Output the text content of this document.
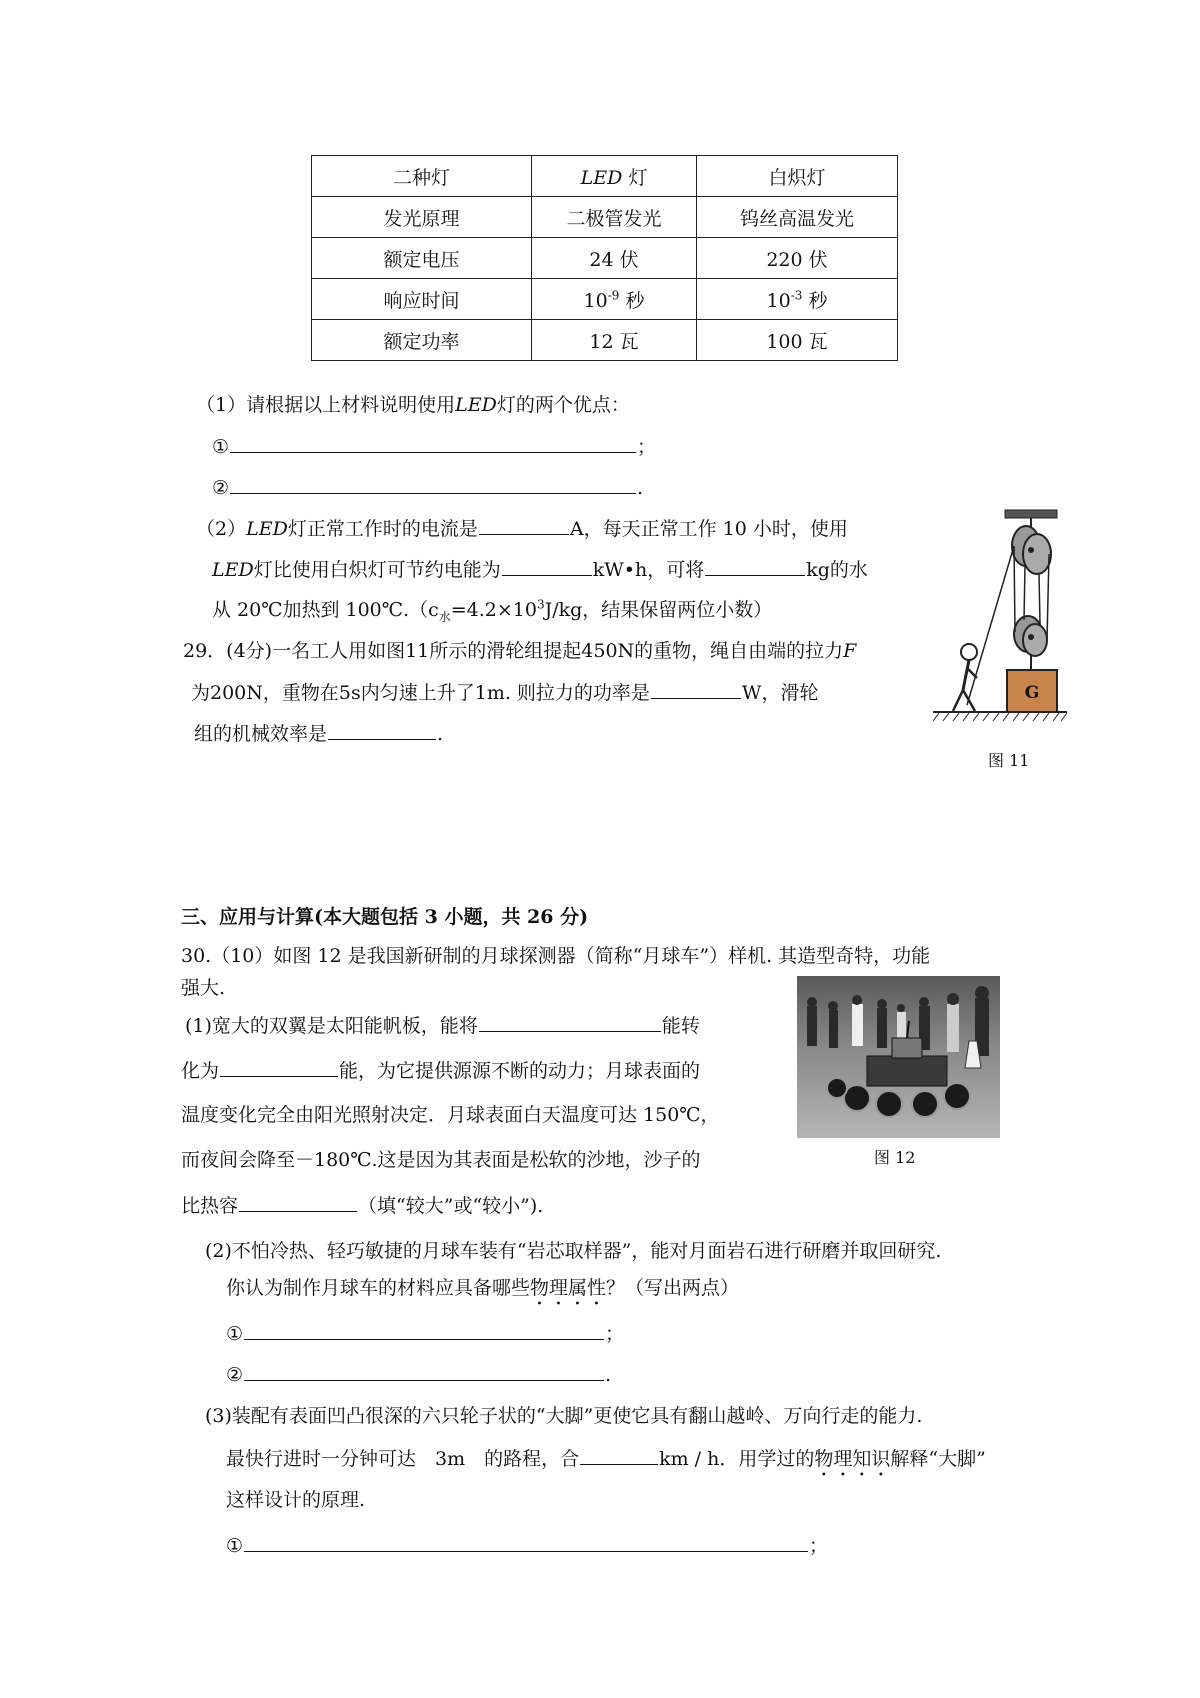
二种灯	LED 灯	白炽灯
发光原理	二极管发光	钨丝高温发光
额定电压	24 伏	220 伏
响应时间	$10^{-9}$ 秒	$10^{-3}$ 秒
额定功率	12 瓦	100 瓦
（1）请根据以上材料说明使用LED灯的两个优点：
①	；
②	.
（2）LED灯正常工作时的电流是	A，每天正常工作 10 小时，使用
LED灯比使用白炽灯可节约电能为	kW•h，可将	kg的水
从 20℃加热到 $100℃.(c_水=4.2\times 10^3J/kg$，结果保留两位小数）
29．(4分)一名工人用如图11所示的滑轮组提起450N的重物，绳自由端的拉力F
为200N，重物在5s内匀速上升了1m. 则拉力的功率是	W，滑轮
组的机械效率是	.
G
图 11
三、应用与计算(本大题包括 3 小题，共 26 分)
30.（10）如图 12 是我国新研制的月球探测器（简称“月球车”）样机. 其造型奇特，功能
强大.
(1)宽大的双翼是太阳能帆板，能将	能转
化为	能，为它提供源源不断的动力；月球表面的
温度变化完全由阳光照射决定．月球表面白天温度可达 150℃，
而夜间会降至－180℃.这是因为其表面是松软的沙地，沙子的
比热容	（填“较大”或“较小”).
图 12
(2)不怕冷热、轻巧敏捷的月球车装有“岩芯取样器”，能对月面岩石进行研磨并取回研究.
你认为制作月球车的材料应具备哪些物理属性？（写出两点）
①	；
②	.
(3)装配有表面凹凸很深的六只轮子状的“大脚”更使它具有翻山越岭、万向行走的能力.
最快行进时一分钟可达　3m　的路程，合	km / h．用学过的物理知识解释“大脚”
这样设计的原理.
①	；
